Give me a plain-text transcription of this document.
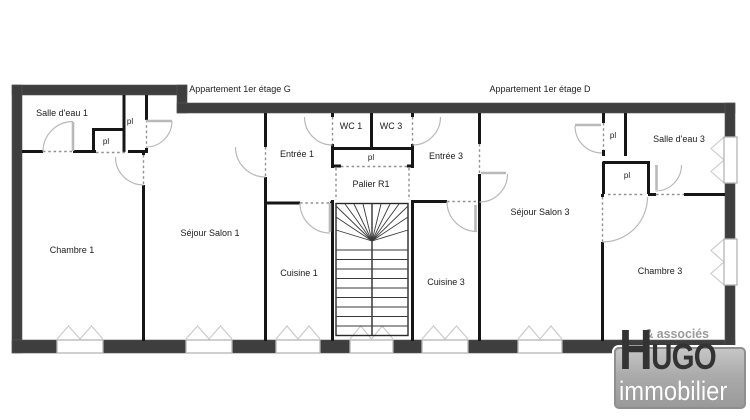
Appartement 1er étage G	Appartement 1er étage D
Salle d'eau 1
Chambre 1
Séjour Salon 1
Entrée 1
Cuisine 1
WC 1 WC 3
Palier R1
Entrée 3
Cuisine 3
Séjour Salon 3
Salle d'eau 3
Chambre 3
pl
pl
pl
pl
pl
& associés
HUGO
immobilier
